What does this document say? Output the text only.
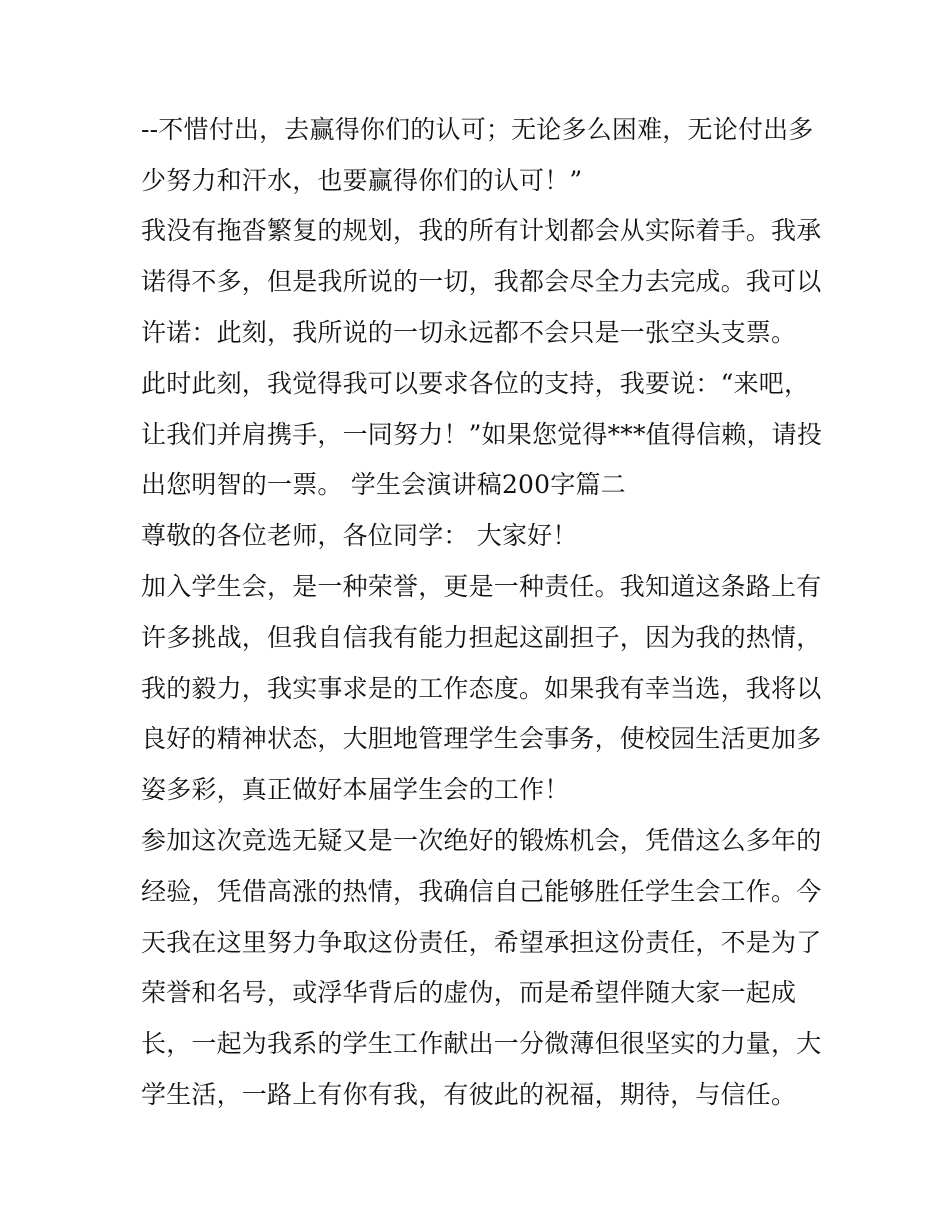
--不惜付出，去赢得你们的认可；无论多么困难，无论付出多
少努力和汗水，也要赢得你们的认可！”
我没有拖沓繁复的规划，我的所有计划都会从实际着手。我承
诺得不多，但是我所说的一切，我都会尽全力去完成。我可以
许诺：此刻，我所说的一切永远都不会只是一张空头支票。
此时此刻，我觉得我可以要求各位的支持，我要说：“来吧，
让我们并肩携手，一同努力！”如果您觉得***值得信赖，请投
出您明智的一票。 学生会演讲稿200字篇二
尊敬的各位老师，各位同学： 大家好！
加入学生会，是一种荣誉，更是一种责任。我知道这条路上有
许多挑战，但我自信我有能力担起这副担子，因为我的热情，
我的毅力，我实事求是的工作态度。如果我有幸当选，我将以
良好的精神状态，大胆地管理学生会事务，使校园生活更加多
姿多彩，真正做好本届学生会的工作！
参加这次竞选无疑又是一次绝好的锻炼机会，凭借这么多年的
经验，凭借高涨的热情，我确信自己能够胜任学生会工作。今
天我在这里努力争取这份责任，希望承担这份责任，不是为了
荣誉和名号，或浮华背后的虚伪，而是希望伴随大家一起成
长，一起为我系的学生工作献出一分微薄但很坚实的力量，大
学生活，一路上有你有我，有彼此的祝福，期待，与信任。
